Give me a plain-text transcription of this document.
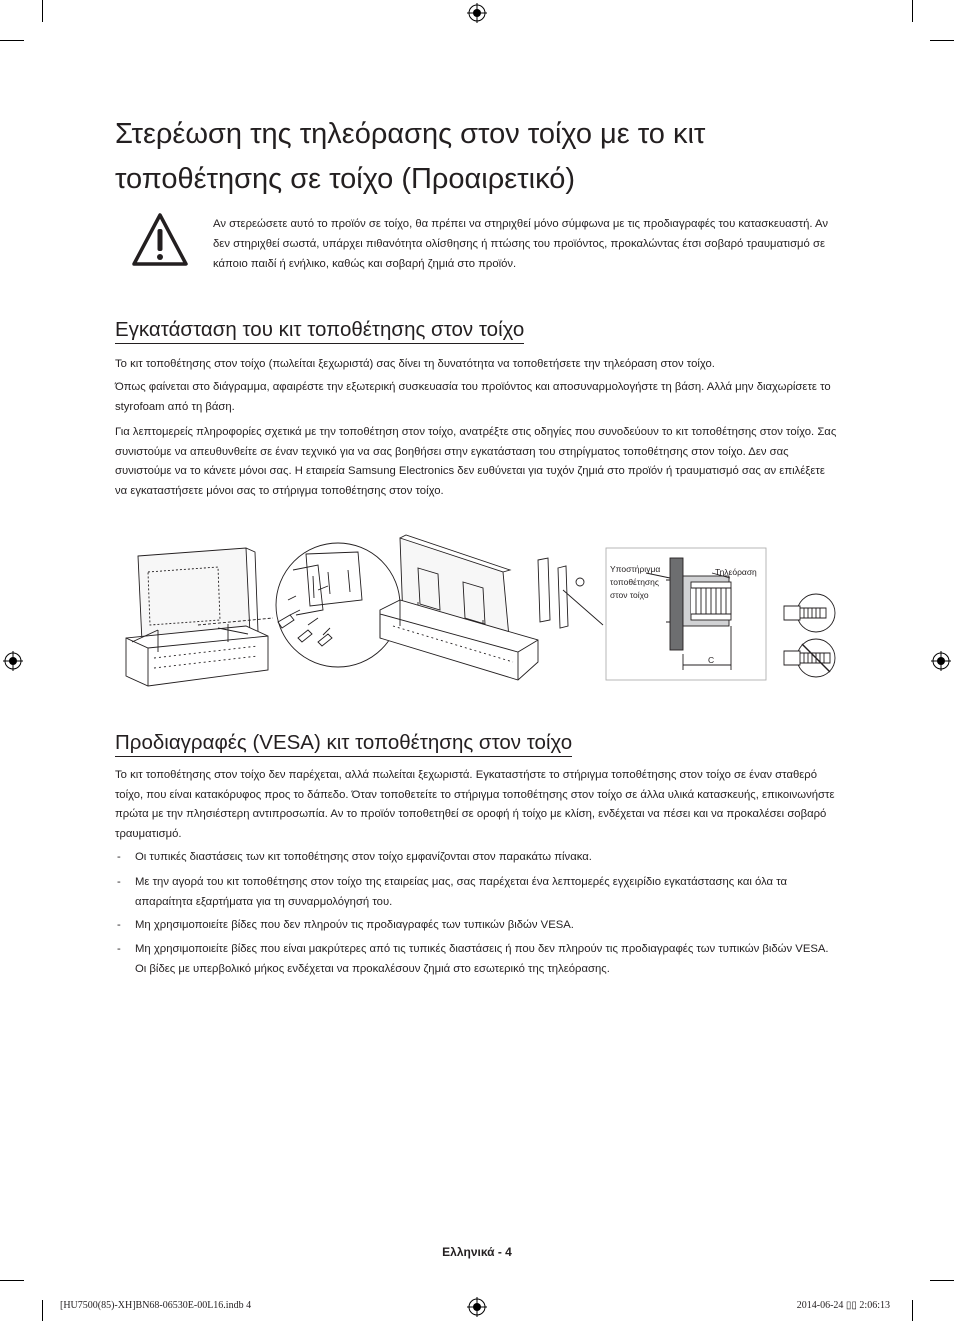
Στερέωση της τηλεόρασης στον τοίχο με το κιτ
τοποθέτησης σε τοίχο (Προαιρετικό)

Αν στερεώσετε αυτό το προϊόν σε τοίχο, θα πρέπει να στηριχθεί μόνο σύμφωνα με τις προδιαγραφές του κατασκευαστή. Αν δεν στηριχθεί σωστά, υπάρχει πιθανότητα ολίσθησης ή πτώσης του προϊόντος, προκαλώντας έτσι σοβαρό τραυματισμό σε κάποιο παιδί ή ενήλικο, καθώς και σοβαρή ζημιά στο προϊόν.

Εγκατάσταση του κιτ τοποθέτησης στον τοίχο

Το κιτ τοποθέτησης στον τοίχο (πωλείται ξεχωριστά) σας δίνει τη δυνατότητα να τοποθετήσετε την τηλεόραση στον τοίχο.

Όπως φαίνεται στο διάγραμμα, αφαιρέστε την εξωτερική συσκευασία του προϊόντος και αποσυναρμολογήστε τη βάση. Αλλά μην διαχωρίσετε το styrofoam από τη βάση.

Για λεπτομερείς πληροφορίες σχετικά με την τοποθέτηση στον τοίχο, ανατρέξτε στις οδηγίες που συνοδεύουν το κιτ τοποθέτησης στον τοίχο. Σας συνιστούμε να απευθυνθείτε σε έναν τεχνικό για να σας βοηθήσει στην εγκατάσταση του στηρίγματος τοποθέτησης στον τοίχο. Δεν σας συνιστούμε να το κάνετε μόνοι σας. Η εταιρεία Samsung Electronics δεν ευθύνεται για τυχόν ζημιά στο προϊόν ή τραυματισμό σας αν επιλέξετε να εγκαταστήσετε μόνοι σας το στήριγμα τοποθέτησης στον τοίχο.

Υποστήριγμα
τοποθέτησης
στον τοίχο
Τηλεόραση
C
Προδιαγραφές (VESA) κιτ τοποθέτησης στον τοίχο

Το κιτ τοποθέτησης στον τοίχο δεν παρέχεται, αλλά πωλείται ξεχωριστά. Εγκαταστήστε το στήριγμα τοποθέτησης στον τοίχο σε έναν σταθερό τοίχο, που είναι κατακόρυφος προς το δάπεδο. Όταν τοποθετείτε το στήριγμα τοποθέτησης στον τοίχο σε άλλα υλικά κατασκευής, επικοινωνήστε πρώτα με την πλησιέστερη αντιπροσωπία. Αν το προϊόν τοποθετηθεί σε οροφή ή τοίχο με κλίση, ενδέχεται να πέσει και να προκαλέσει σοβαρό τραυματισμό.

- Οι τυπικές διαστάσεις των κιτ τοποθέτησης στον τοίχο εμφανίζονται στον παρακάτω πίνακα.
- Με την αγορά του κιτ τοποθέτησης στον τοίχο της εταιρείας μας, σας παρέχεται ένα λεπτομερές εγχειρίδιο εγκατάστασης και όλα τα απαραίτητα εξαρτήματα για τη συναρμολόγησή του.
- Μη χρησιμοποιείτε βίδες που δεν πληρούν τις προδιαγραφές των τυπικών βιδών VESA.
- Μη χρησιμοποιείτε βίδες που είναι μακρύτερες από τις τυπικές διαστάσεις ή που δεν πληρούν τις προδιαγραφές των τυπικών βιδών VESA. Οι βίδες με υπερβολικό μήκος ενδέχεται να προκαλέσουν ζημιά στο εσωτερικό της τηλεόρασης.
Ελληνικά - 4
[HU7500(85)-XH]BN68-06530E-00L16.indb 4	2014-06-24 ▯▯ 2:06:13
